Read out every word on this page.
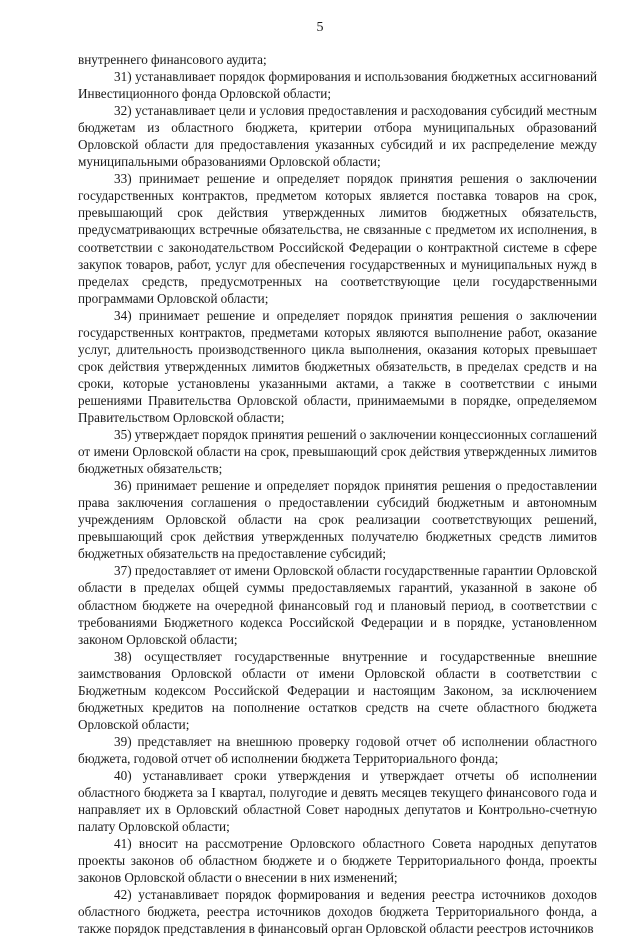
5

внутреннего финансового аудита;

31) устанавливает порядок формирования и использования бюджетных ассигнований Инвестиционного фонда Орловской области;

32) устанавливает цели и условия предоставления и расходования субсидий местным бюджетам из областного бюджета, критерии отбора муниципальных образований Орловской области для предоставления указанных субсидий и их распределение между муниципальными образованиями Орловской области;

33) принимает решение и определяет порядок принятия решения о заключении государственных контрактов, предметом которых является поставка товаров на срок, превышающий срок действия утвержденных лимитов бюджетных обязательств, предусматривающих встречные обязательства, не связанные с предметом их исполнения, в соответствии с законодательством Российской Федерации о контрактной системе в сфере закупок товаров, работ, услуг для обеспечения государственных и муниципальных нужд в пределах средств, предусмотренных на соответствующие цели государственными программами Орловской области;

34) принимает решение и определяет порядок принятия решения о заключении государственных контрактов, предметами которых являются выполнение работ, оказание услуг, длительность производственного цикла выполнения, оказания которых превышает срок действия утвержденных лимитов бюджетных обязательств, в пределах средств и на сроки, которые установлены указанными актами, а также в соответствии с иными решениями Правительства Орловской области, принимаемыми в порядке, определяемом Правительством Орловской области;

35) утверждает порядок принятия решений о заключении концессионных соглашений от имени Орловской области на срок, превышающий срок действия утвержденных лимитов бюджетных обязательств;

36) принимает решение и определяет порядок принятия решения о предоставлении права заключения соглашения о предоставлении субсидий бюджетным и автономным учреждениям Орловской области на срок реализации соответствующих решений, превышающий срок действия утвержденных получателю бюджетных средств лимитов бюджетных обязательств на предоставление субсидий;

37) предоставляет от имени Орловской области государственные гарантии Орловской области в пределах общей суммы предоставляемых гарантий, указанной в законе об областном бюджете на очередной финансовый год и плановый период, в соответствии с требованиями Бюджетного кодекса Российской Федерации и в порядке, установленном законом Орловской области;

38) осуществляет государственные внутренние и государственные внешние заимствования Орловской области от имени Орловской области в соответствии с Бюджетным кодексом Российской Федерации и настоящим Законом, за исключением бюджетных кредитов на пополнение остатков средств на счете областного бюджета Орловской области;

39) представляет на внешнюю проверку годовой отчет об исполнении областного бюджета, годовой отчет об исполнении бюджета Территориального фонда;

40) устанавливает сроки утверждения и утверждает отчеты об исполнении областного бюджета за I квартал, полугодие и девять месяцев текущего финансового года и направляет их в Орловский областной Совет народных депутатов и Контрольно-счетную палату Орловской области;

41) вносит на рассмотрение Орловского областного Совета народных депутатов проекты законов об областном бюджете и о бюджете Территориального фонда, проекты законов Орловской области о внесении в них изменений;

42) устанавливает порядок формирования и ведения реестра источников доходов областного бюджета, реестра источников доходов бюджета Территориального фонда, а также порядок представления в финансовый орган Орловской области реестров источников
